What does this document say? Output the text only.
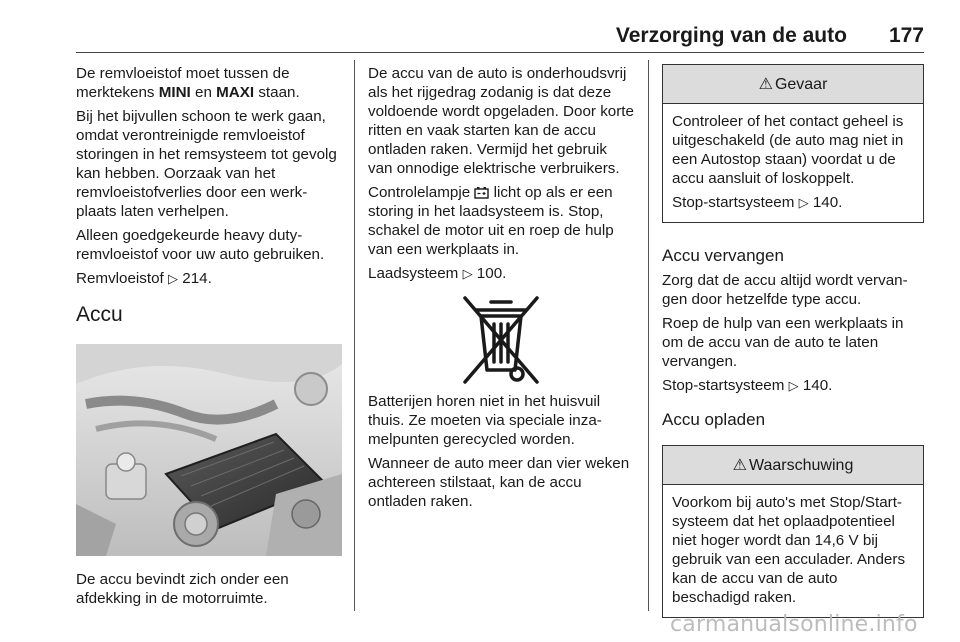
Verzorging van de auto 177

De remvloeistof moet tussen de merktekens MINI en MAXI staan.

Bij het bijvullen schoon te werk gaan, omdat verontreinigde remvloeistof storingen in het remsysteem tot gevolg kan hebben. Oorzaak van het remvloeistofverlies door een werkplaats laten verhelpen.

Alleen goedgekeurde heavy duty-remvloeistof voor uw auto gebruiken.

Remvloeistof ▷ 214.

Accu

De accu bevindt zich onder een afdekking in de motorruimte.

De accu van de auto is onderhoudsvrij als het rijgedrag zodanig is dat deze voldoende wordt opgeladen. Door korte ritten en vaak starten kan de accu ontladen raken. Vermijd het gebruik van onnodige elektrische verbruikers.

Controlelampje  licht op als er een storing in het laadsysteem is. Stop, schakel de motor uit en roep de hulp van een werkplaats in.

Laadsysteem ▷ 100.

Batterijen horen niet in het huisvuil thuis. Ze moeten via speciale inzamelpunten gerecycled worden.

Wanneer de auto meer dan vier weken achtereen stilstaat, kan de accu ontladen raken.

⚠ Gevaar

Controleer of het contact geheel is uitgeschakeld (de auto mag niet in een Autostop staan) voordat u de accu aansluit of loskoppelt.

Stop-startsysteem ▷ 140.

Accu vervangen

Zorg dat de accu altijd wordt vervangen door hetzelfde type accu.

Roep de hulp van een werkplaats in om de accu van de auto te laten vervangen.

Stop-startsysteem ▷ 140.

Accu opladen
⚠ Waarschuwing

Voorkom bij auto's met Stop/Start-systeem dat het oplaadpotentieel niet hoger wordt dan 14,6 V bij gebruik van een acculader. Anders kan de accu van de auto beschadigd raken.

carmanualsonline.info
